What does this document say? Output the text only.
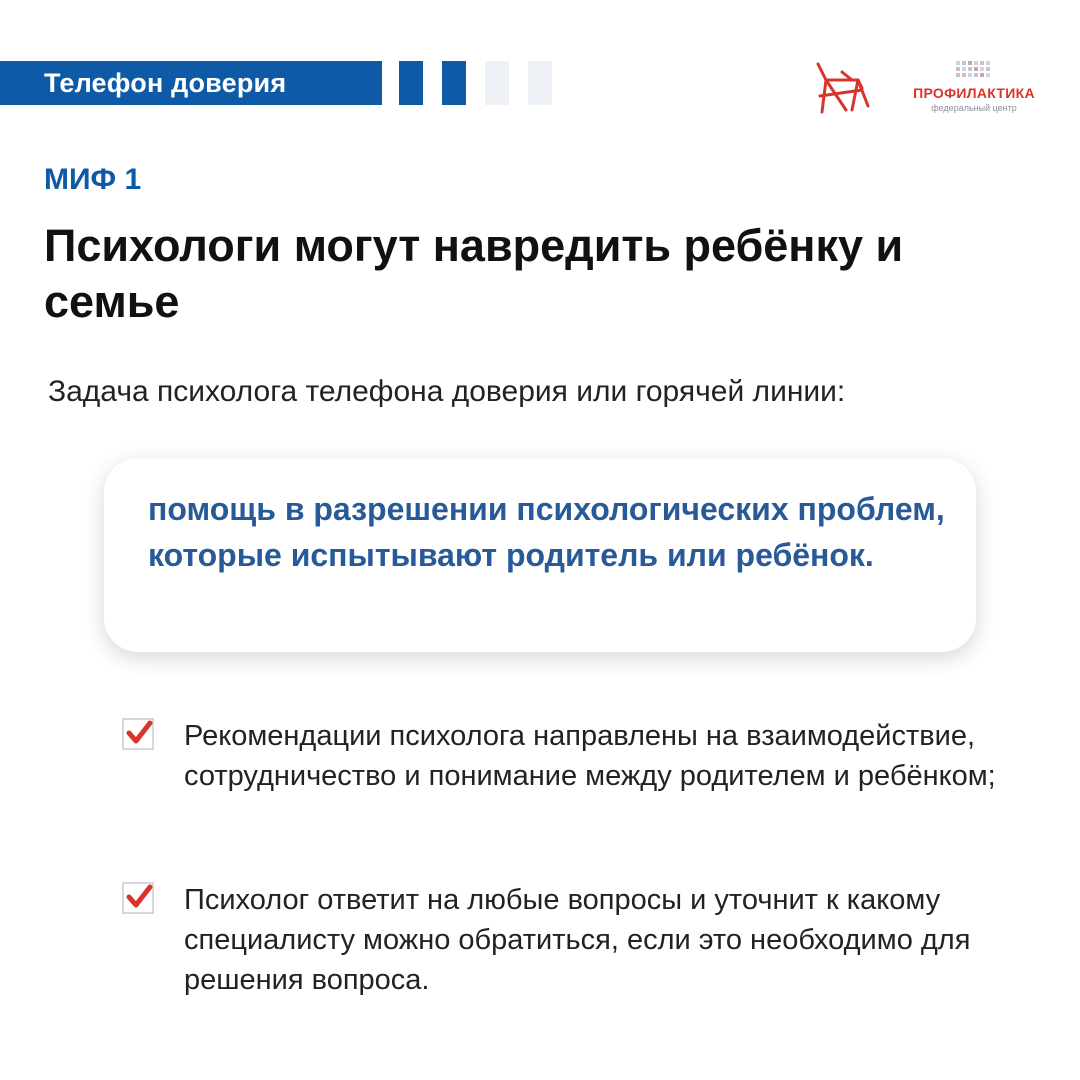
Телефон доверия	ПРОФИЛАКТИКА
федеральный центр
МИФ 1
Психологи могут навредить ребёнку и семье
Задача психолога телефона доверия или горячей линии:
помощь в разрешении психологических проблем, которые испытывают родитель или ребёнок.
Рекомендации психолога направлены на взаимодействие, сотрудничество и понимание между родителем и ребёнком;
Психолог ответит на любые вопросы и уточнит к какому специалисту можно обратиться, если это необходимо для решения вопроса.
